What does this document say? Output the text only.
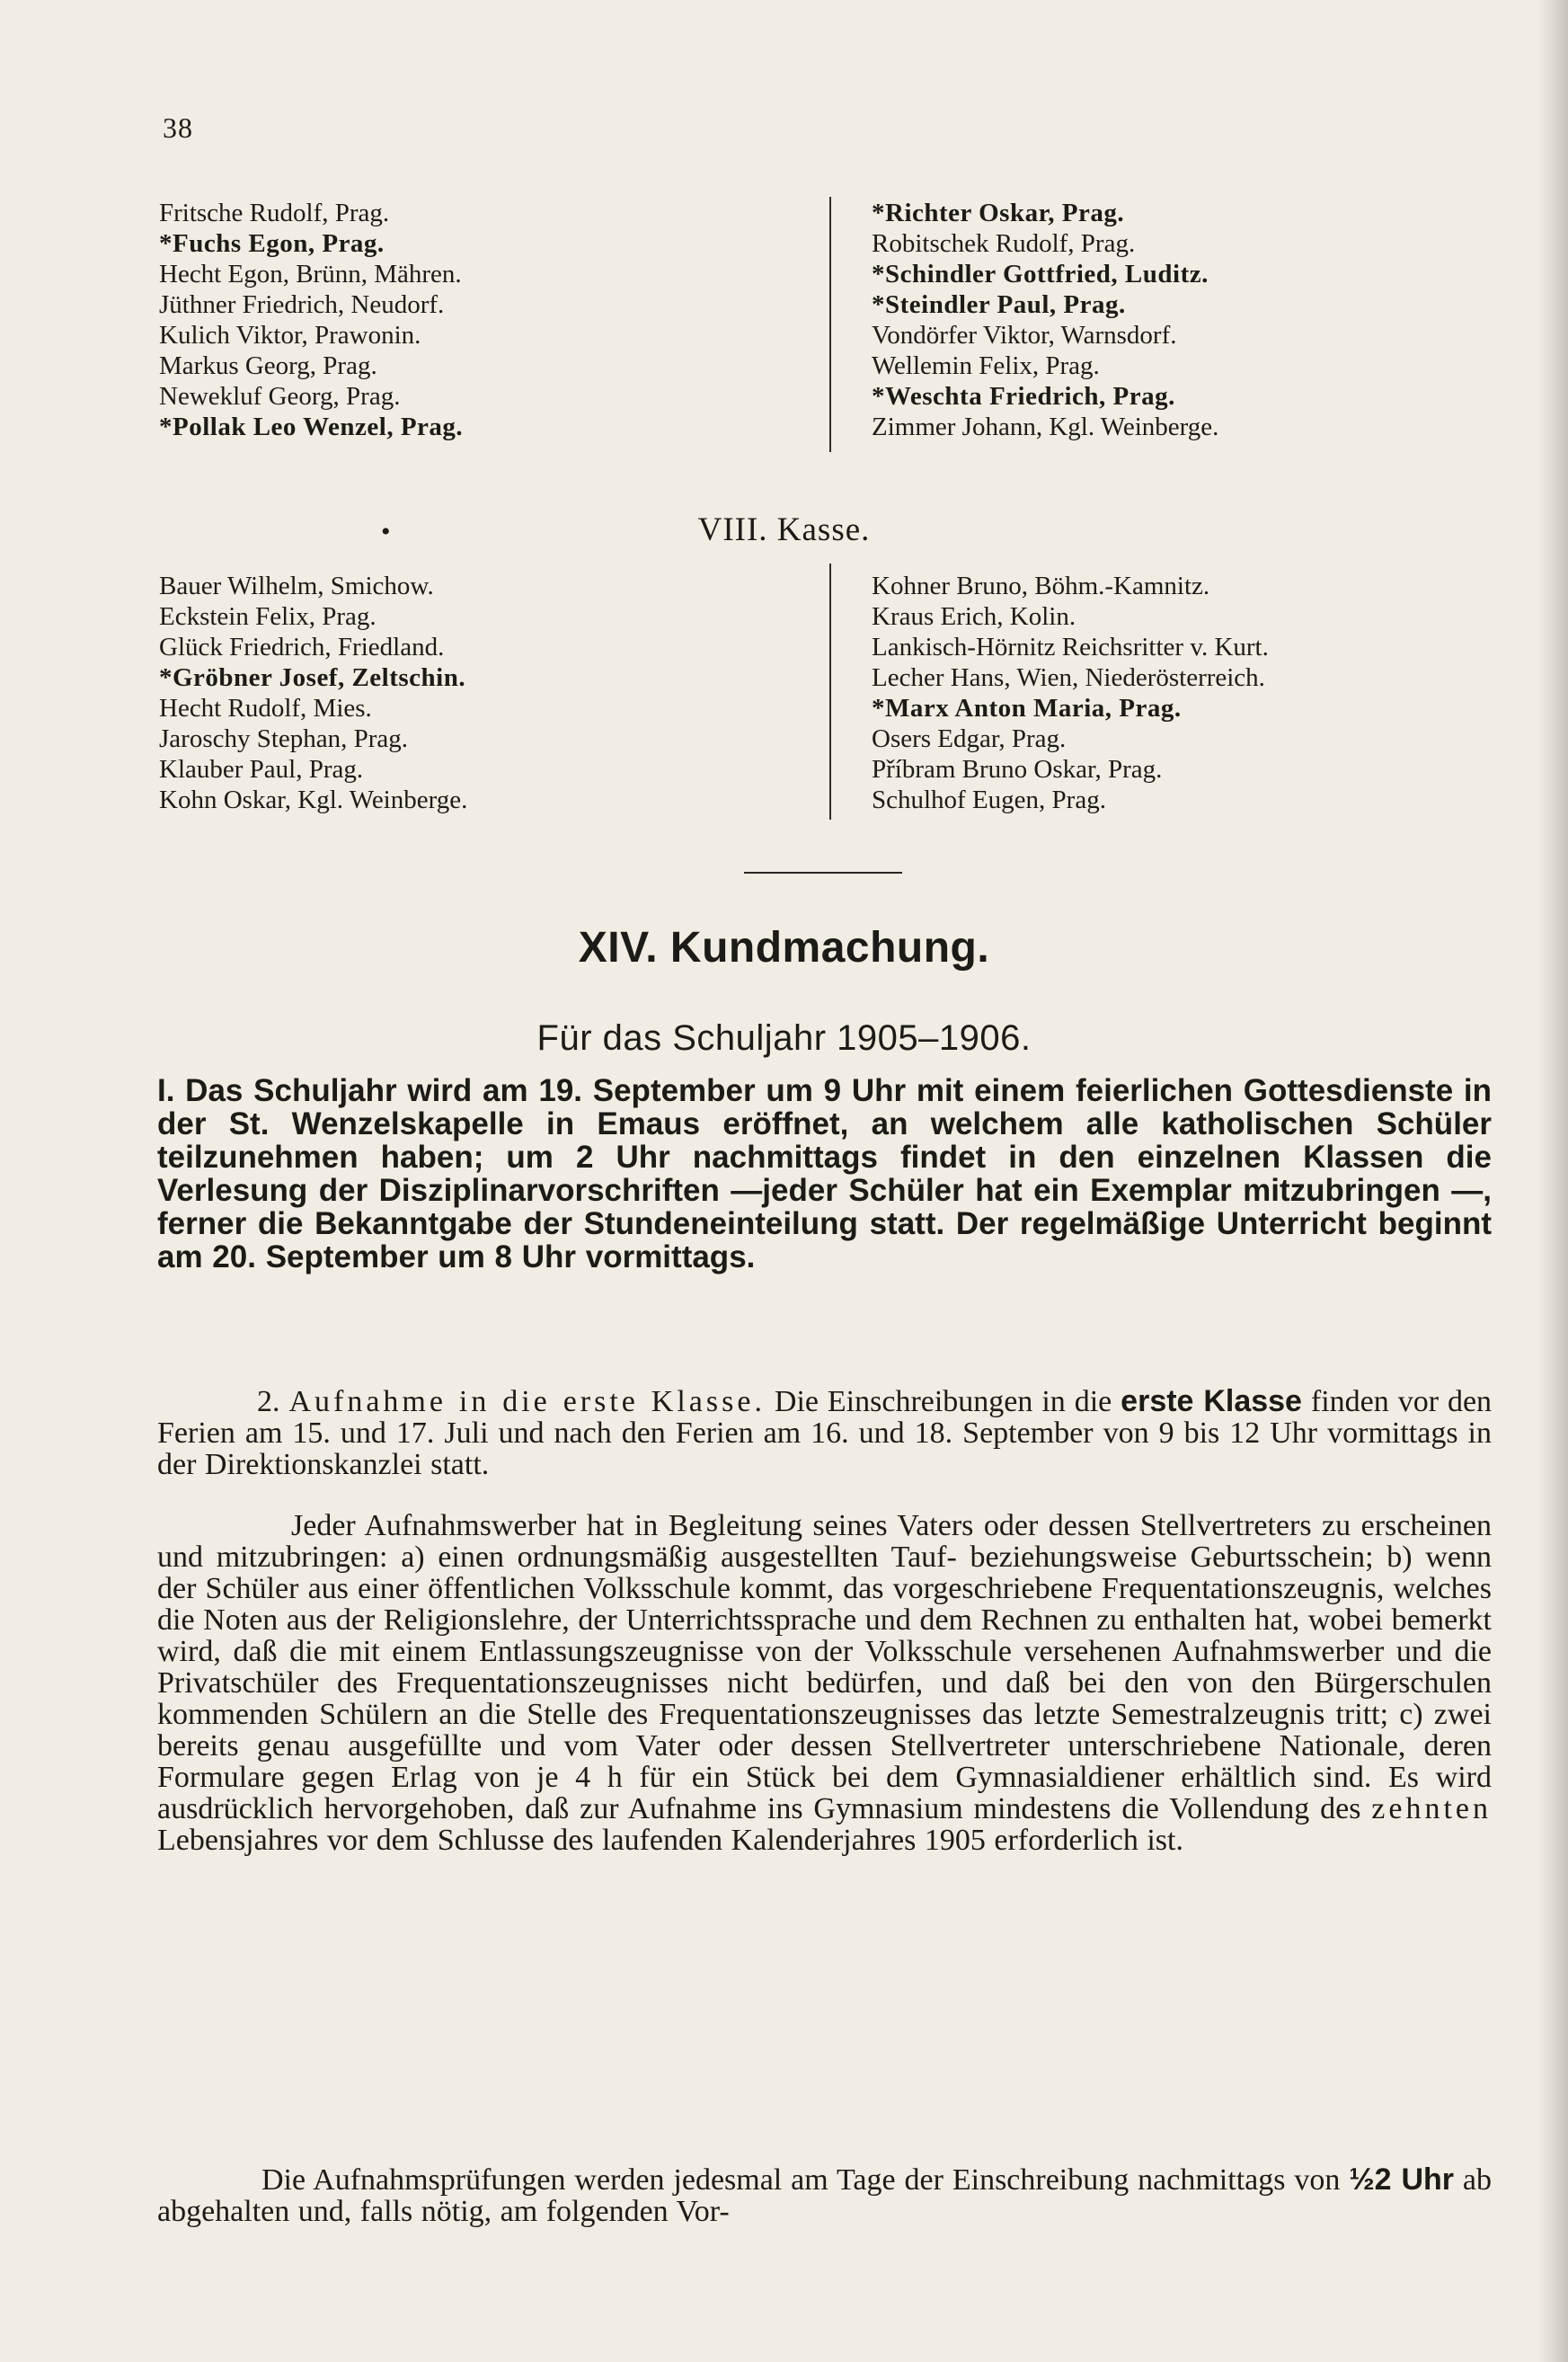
38
Fritsche Rudolf, Prag.
*Fuchs Egon, Prag.
Hecht Egon, Brünn, Mähren.
Jüthner Friedrich, Neudorf.
Kulich Viktor, Prawonin.
Markus Georg, Prag.
Newekluf Georg, Prag.
*Pollak Leo Wenzel, Prag.
*Richter Oskar, Prag.
Robitschek Rudolf, Prag.
*Schindler Gottfried, Luditz.
*Steindler Paul, Prag.
Vondörfer Viktor, Warnsdorf.
Wellemin Felix, Prag.
*Weschta Friedrich, Prag.
Zimmer Johann, Kgl. Weinberge.
•	VIII. Kasse.
Bauer Wilhelm, Smichow.
Eckstein Felix, Prag.
Glück Friedrich, Friedland.
*Gröbner Josef, Zeltschin.
Hecht Rudolf, Mies.
Jaroschy Stephan, Prag.
Klauber Paul, Prag.
Kohn Oskar, Kgl. Weinberge.
Kohner Bruno, Böhm.-Kamnitz.
Kraus Erich, Kolin.
Lankisch-Hörnitz Reichsritter v. Kurt.
Lecher Hans, Wien, Niederösterreich.
*Marx Anton Maria, Prag.
Osers Edgar, Prag.
Příbram Bruno Oskar, Prag.
Schulhof Eugen, Prag.
XIV. Kundmachung.
Für das Schuljahr 1905–1906.
I. Das Schuljahr wird am 19. September um 9 Uhr mit einem feierlichen Gottesdienste in der St. Wenzelskapelle in Emaus eröffnet, an welchem alle katholischen Schüler teilzunehmen haben; um 2 Uhr nachmittags findet in den einzelnen Klassen die Verlesung der Disziplinarvorschriften —jeder Schüler hat ein Exemplar mitzubringen —, ferner die Bekanntgabe der Stundeneinteilung statt. Der regelmäßige Unterricht beginnt am 20. September um 8 Uhr vormittags.
2. Aufnahme in die erste Klasse. Die Einschreibungen in die erste Klasse finden vor den Ferien am 15. und 17. Juli und nach den Ferien am 16. und 18. September von 9 bis 12 Uhr vormittags in der Direktionskanzlei statt.
Jeder Aufnahmswerber hat in Begleitung seines Vaters oder dessen Stellvertreters zu erscheinen und mitzubringen: a) einen ordnungsmäßig ausgestellten Tauf- beziehungsweise Geburtsschein; b) wenn der Schüler aus einer öffentlichen Volksschule kommt, das vorgeschriebene Frequentationszeugnis, welches die Noten aus der Religionslehre, der Unterrichtssprache und dem Rechnen zu enthalten hat, wobei bemerkt wird, daß die mit einem Entlassungszeugnisse von der Volksschule versehenen Aufnahmswerber und die Privatschüler des Frequentationszeugnisses nicht bedürfen, und daß bei den von den Bürgerschulen kommenden Schülern an die Stelle des Frequentationszeugnisses das letzte Semestralzeugnis tritt; c) zwei bereits genau ausgefüllte und vom Vater oder dessen Stellvertreter unterschriebene Nationale, deren Formulare gegen Erlag von je 4 h für ein Stück bei dem Gymnasialdiener erhältlich sind. Es wird ausdrücklich hervorgehoben, daß zur Aufnahme ins Gymnasium mindestens die Vollendung des zehnten Lebensjahres vor dem Schlusse des laufenden Kalenderjahres 1905 erforderlich ist.
Die Aufnahmsprüfungen werden jedesmal am Tage der Einschreibung nachmittags von ½2 Uhr ab abgehalten und, falls nötig, am folgenden Vor-
